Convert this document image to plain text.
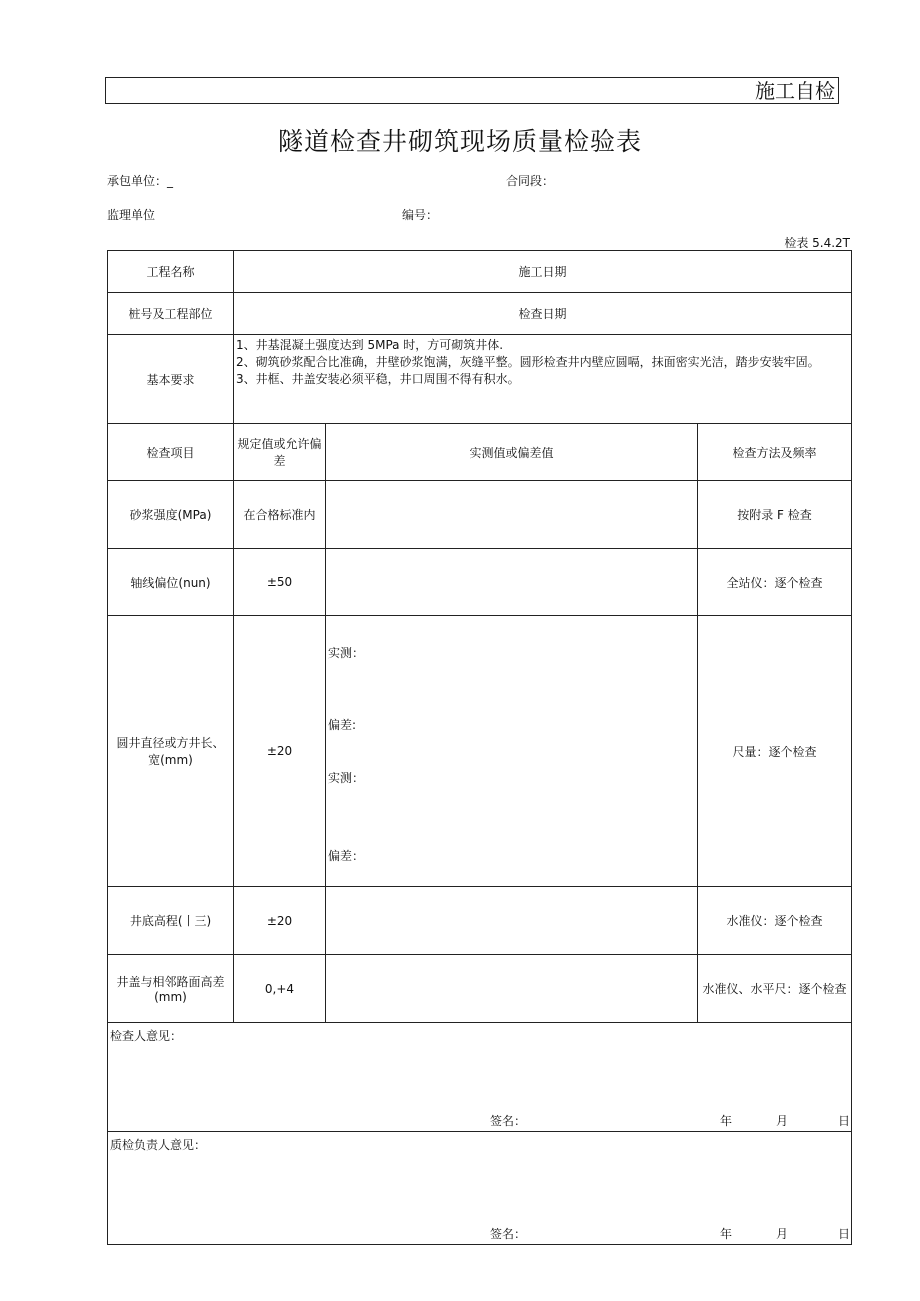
施工自检
隧道检查井砌筑现场质量检验表
承包单位：_	合同段：
监理单位	编号：
检表 5.4.2T
工程名称	施工日期		
桩号及工程部位	检查日期		
基本要求	1、井基混凝土强度达到 5MPa 时，方可砌筑井体.
2、砌筑砂浆配合比准确，井壁砂浆饱满，灰缝平整。圆形检查井内壁应圆嗝，抹面密实光洁，踏步安装牢固。
3、井框、井盖安装必须平稳，井口周围不得有积水。		

检查项目	规定值或允许偏差	实测值或偏差值	检查方法及频率
砂浆强度(MPa)	在合格标准内		按附录 F 检查
轴线偏位(nun)	±50		全站仪：逐个检查
圆井直径或方井长、宽(mm)	±20	实测：
偏差:
实测：
偏差：	尺量：逐个检查
井底高程(丨三)	±20		水准仪：逐个检查
井盖与相邻路面高差(mm)	0,+4		水准仪、水平尺：逐个检查

检查人意见：
签名： 年 月 日			

质检负责人意见：
签名： 年 月 日			
